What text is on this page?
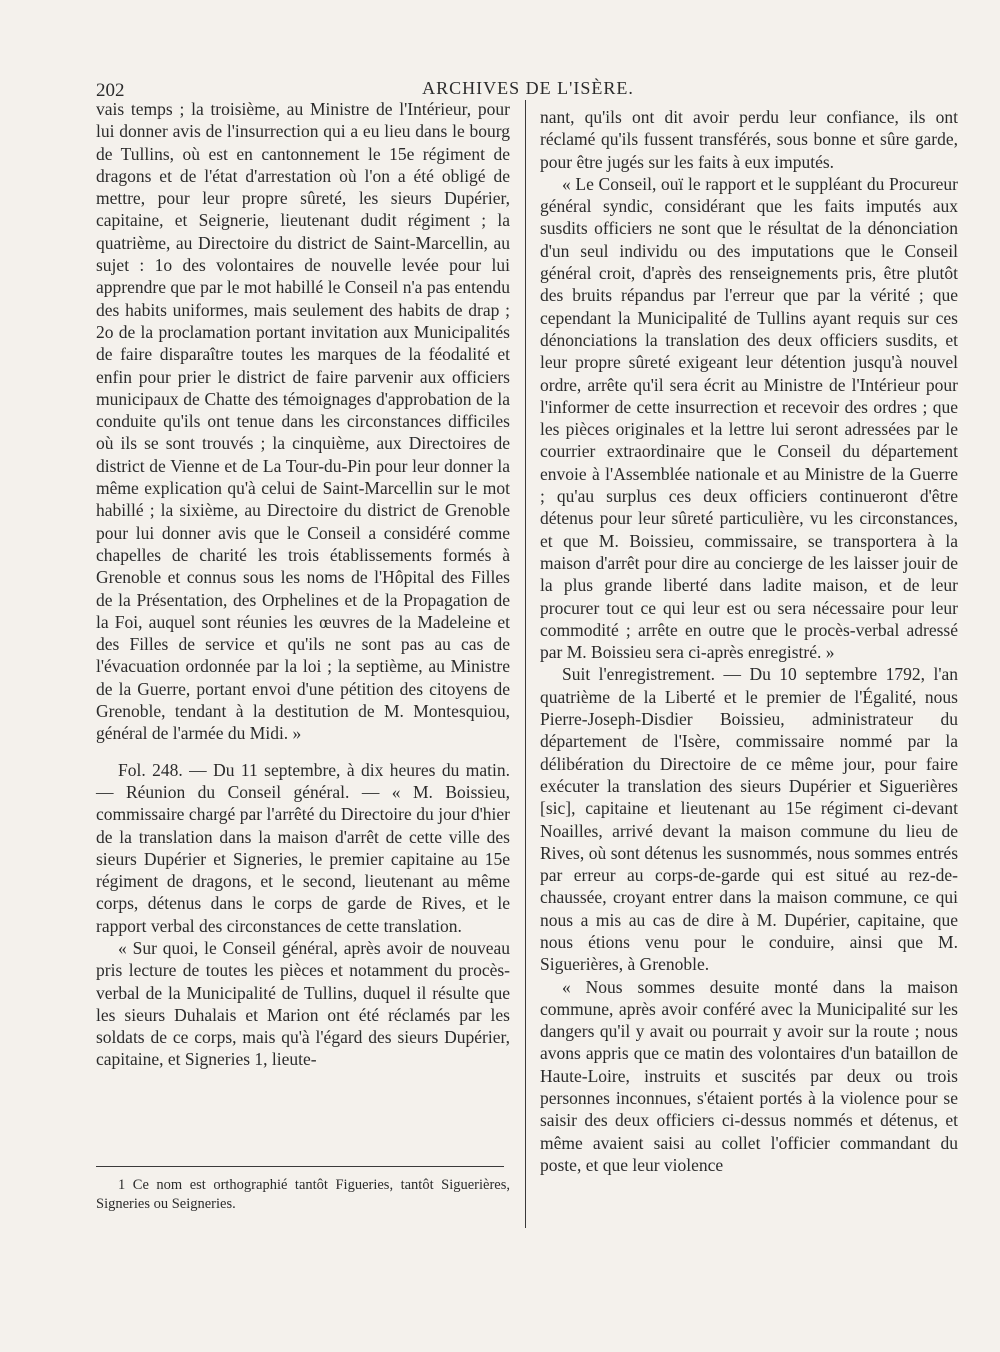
202	ARCHIVES DE L'ISÈRE.

vais temps ; la troisième, au Ministre de l'Intérieur, pour lui donner avis de l'insurrection qui a eu lieu dans le bourg de Tullins, où est en cantonnement le 15e régiment de dragons et de l'état d'arrestation où l'on a été obligé de mettre, pour leur propre sûreté, les sieurs Dupérier, capitaine, et Seignerie, lieutenant dudit régiment ; la quatrième, au Directoire du district de Saint-Marcellin, au sujet : 1o des volontaires de nouvelle levée pour lui apprendre que par le mot habillé le Conseil n'a pas entendu des habits uniformes, mais seulement des habits de drap ; 2o de la proclamation portant invitation aux Municipalités de faire disparaître toutes les marques de la féodalité et enfin pour prier le district de faire parvenir aux officiers municipaux de Chatte des témoignages d'approbation de la conduite qu'ils ont tenue dans les circonstances difficiles où ils se sont trouvés ; la cinquième, aux Directoires de district de Vienne et de La Tour-du-Pin pour leur donner la même explication qu'à celui de Saint-Marcellin sur le mot habillé ; la sixième, au Directoire du district de Grenoble pour lui donner avis que le Conseil a considéré comme chapelles de charité les trois établissements formés à Grenoble et connus sous les noms de l'Hôpital des Filles de la Présentation, des Orphelines et de la Propagation de la Foi, auquel sont réunies les œuvres de la Madeleine et des Filles de service et qu'ils ne sont pas au cas de l'évacuation ordonnée par la loi ; la septième, au Ministre de la Guerre, portant envoi d'une pétition des citoyens de Grenoble, tendant à la destitution de M. Montesquiou, général de l'armée du Midi. »

Fol. 248. — Du 11 septembre, à dix heures du matin. — Réunion du Conseil général. — « M. Boissieu, commissaire chargé par l'arrêté du Directoire du jour d'hier de la translation dans la maison d'arrêt de cette ville des sieurs Dupérier et Signeries, le premier capitaine au 15e régiment de dragons, et le second, lieutenant au même corps, détenus dans le corps de garde de Rives, et le rapport verbal des circonstances de cette translation.

« Sur quoi, le Conseil général, après avoir de nouveau pris lecture de toutes les pièces et notamment du procès-verbal de la Municipalité de Tullins, duquel il résulte que les sieurs Duhalais et Marion ont été réclamés par les soldats de ce corps, mais qu'à l'égard des sieurs Dupérier, capitaine, et Signeries 1, lieute-

nant, qu'ils ont dit avoir perdu leur confiance, ils ont réclamé qu'ils fussent transférés, sous bonne et sûre garde, pour être jugés sur les faits à eux imputés.

« Le Conseil, ouï le rapport et le suppléant du Procureur général syndic, considérant que les faits imputés aux susdits officiers ne sont que le résultat de la dénonciation d'un seul individu ou des imputations que le Conseil général croit, d'après des renseignements pris, être plutôt des bruits répandus par l'erreur que par la vérité ; que cependant la Municipalité de Tullins ayant requis sur ces dénonciations la translation des deux officiers susdits, et leur propre sûreté exigeant leur détention jusqu'à nouvel ordre, arrête qu'il sera écrit au Ministre de l'Intérieur pour l'informer de cette insurrection et recevoir des ordres ; que les pièces originales et la lettre lui seront adressées par le courrier extraordinaire que le Conseil du département envoie à l'Assemblée nationale et au Ministre de la Guerre ; qu'au surplus ces deux officiers continueront d'être détenus pour leur sûreté particulière, vu les circonstances, et que M. Boissieu, commissaire, se transportera à la maison d'arrêt pour dire au concierge de les laisser jouir de la plus grande liberté dans ladite maison, et de leur procurer tout ce qui leur est ou sera nécessaire pour leur commodité ; arrête en outre que le procès-verbal adressé par M. Boissieu sera ci-après enregistré. »

Suit l'enregistrement. — Du 10 septembre 1792, l'an quatrième de la Liberté et le premier de l'Égalité, nous Pierre-Joseph-Disdier Boissieu, administrateur du département de l'Isère, commissaire nommé par la délibération du Directoire de ce même jour, pour faire exécuter la translation des sieurs Dupérier et Siguerières [sic], capitaine et lieutenant au 15e régiment ci-devant Noailles, arrivé devant la maison commune du lieu de Rives, où sont détenus les susnommés, nous sommes entrés par erreur au corps-de-garde qui est situé au rez-de-chaussée, croyant entrer dans la maison commune, ce qui nous a mis au cas de dire à M. Dupérier, capitaine, que nous étions venu pour le conduire, ainsi que M. Siguerières, à Grenoble.

« Nous sommes desuite monté dans la maison commune, après avoir conféré avec la Municipalité sur les dangers qu'il y avait ou pourrait y avoir sur la route ; nous avons appris que ce matin des volontaires d'un bataillon de Haute-Loire, instruits et suscités par deux ou trois personnes inconnues, s'étaient portés à la violence pour se saisir des deux officiers ci-dessus nommés et détenus, et même avaient saisi au collet l'officier commandant du poste, et que leur violence

1 Ce nom est orthographié tantôt Figueries, tantôt Siguerières, Signeries ou Seigneries.
